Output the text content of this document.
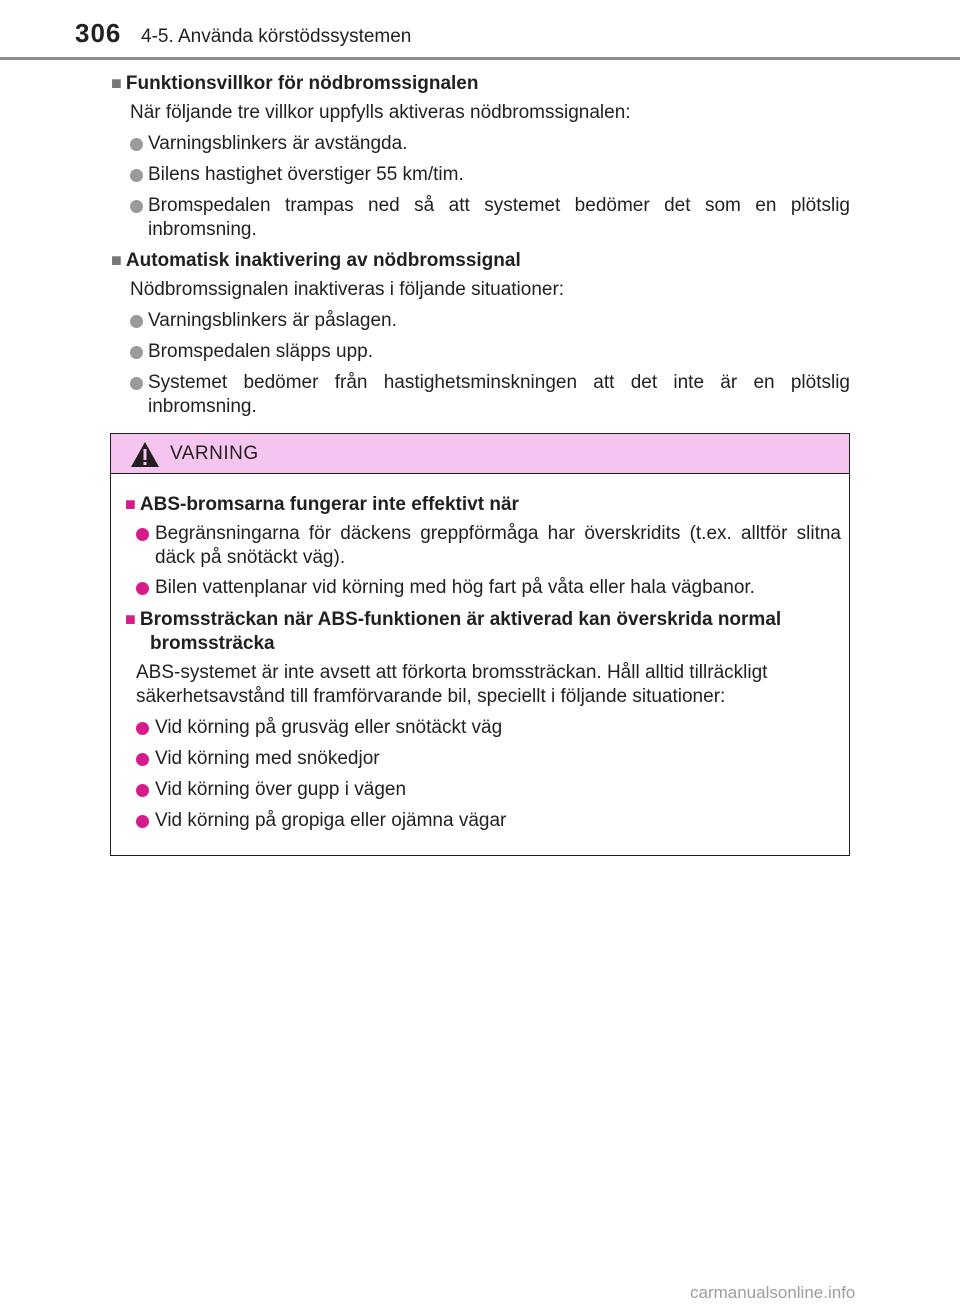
306 4-5. Använda körstödssystemen
■ Funktionsvillkor för nödbromssignalen
När följande tre villkor uppfylls aktiveras nödbromssignalen:
Varningsblinkers är avstängda.
Bilens hastighet överstiger 55 km/tim.
Bromspedalen trampas ned så att systemet bedömer det som en plötslig inbromsning.
■ Automatisk inaktivering av nödbromssignal
Nödbromssignalen inaktiveras i följande situationer:
Varningsblinkers är påslagen.
Bromspedalen släpps upp.
Systemet bedömer från hastighetsminskningen att det inte är en plötslig inbromsning.
VARNING
■ ABS-bromsarna fungerar inte effektivt när
Begränsningarna för däckens greppförmåga har överskridits (t.ex. alltför slitna däck på snötäckt väg).
Bilen vattenplanar vid körning med hög fart på våta eller hala vägbanor.
■ Bromssträckan när ABS-funktionen är aktiverad kan överskrida normal bromssträcka
ABS-systemet är inte avsett att förkorta bromssträckan. Håll alltid tillräckligt säkerhetsavstånd till framförvarande bil, speciellt i följande situationer:
Vid körning på grusväg eller snötäckt väg
Vid körning med snökedjor
Vid körning över gupp i vägen
Vid körning på gropiga eller ojämna vägar
carmanualsonline.info
